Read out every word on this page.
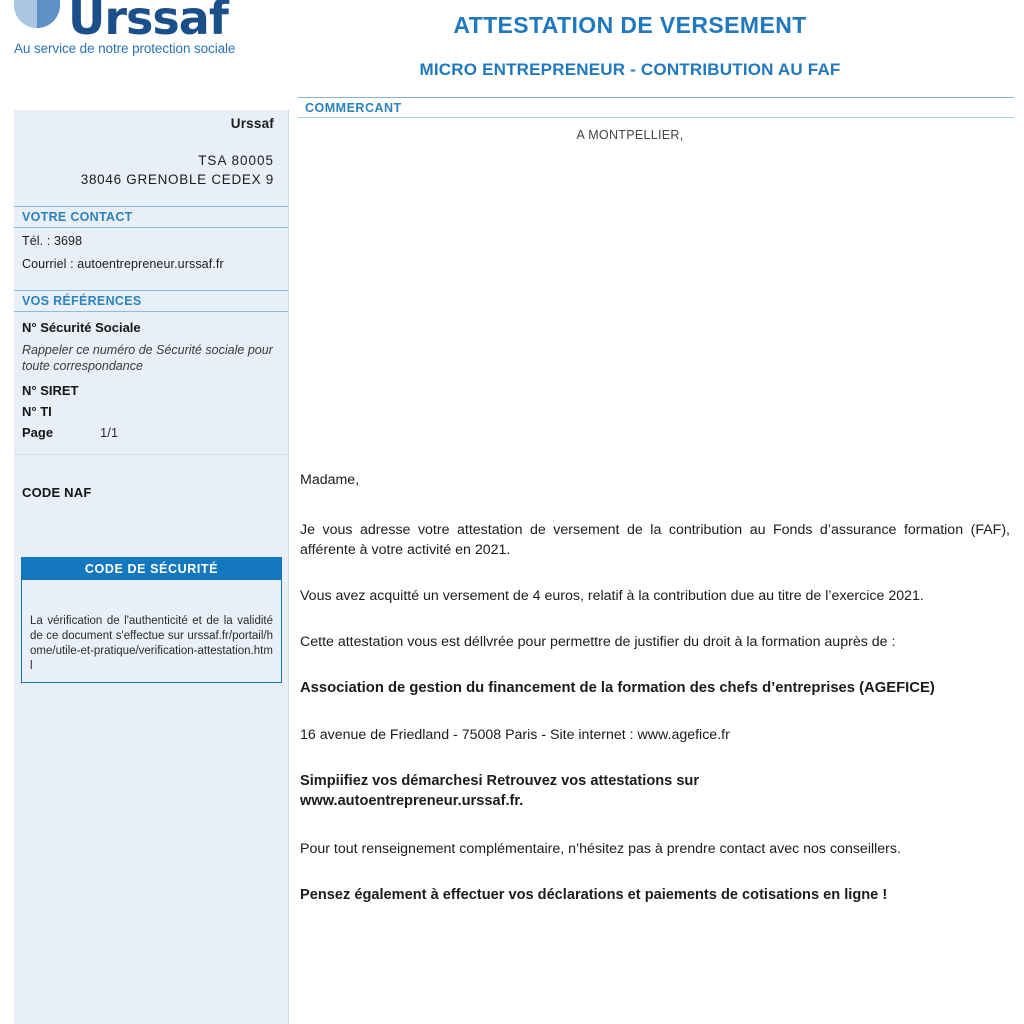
Urssaf
Au service de notre protection sociale
ATTESTATION DE VERSEMENT
MICRO ENTREPRENEUR - CONTRIBUTION AU FAF
COMMERCANT
A MONTPELLIER,
Urssaf
TSA 80005
38046 GRENOBLE CEDEX 9
VOTRE CONTACT
Tél. : 3698
Courriel : autoentrepreneur.urssaf.fr
VOS RÉFÉRENCES
N° Sécurité Sociale
Rappeler ce numéro de Sécurité sociale pour toute correspondance
N° SIRET
N° TI
Page	1/1
CODE NAF
CODE DE SÉCURITÉ
La vérification de l'authenticité et de la validité de ce document s'effectue sur urssaf.fr/portail/home/utile-et-pratique/verification-attestation.html

Madame,

Je vous adresse votre attestation de versement de la contribution au Fonds d’assurance formation (FAF), afférente à votre activité en 2021.

Vous avez acquitté un versement de 4 euros, relatif à la contribution due au titre de l’exercice 2021.

Cette attestation vous est déllvrée pour permettre de justifier du droit à la formation auprès de :

Association de gestion du financement de la formation des chefs d’entreprises (AGEFICE)

16 avenue de Friedland - 75008 Paris - Site internet : www.agefice.fr

Simpiifiez vos démarchesi Retrouvez vos attestations sur
www.autoentrepreneur.urssaf.fr.

Pour tout renseignement complémentaire, n’hésitez pas à prendre contact avec nos conseillers.

Pensez également à effectuer vos déclarations et paiements de cotisations en ligne !
